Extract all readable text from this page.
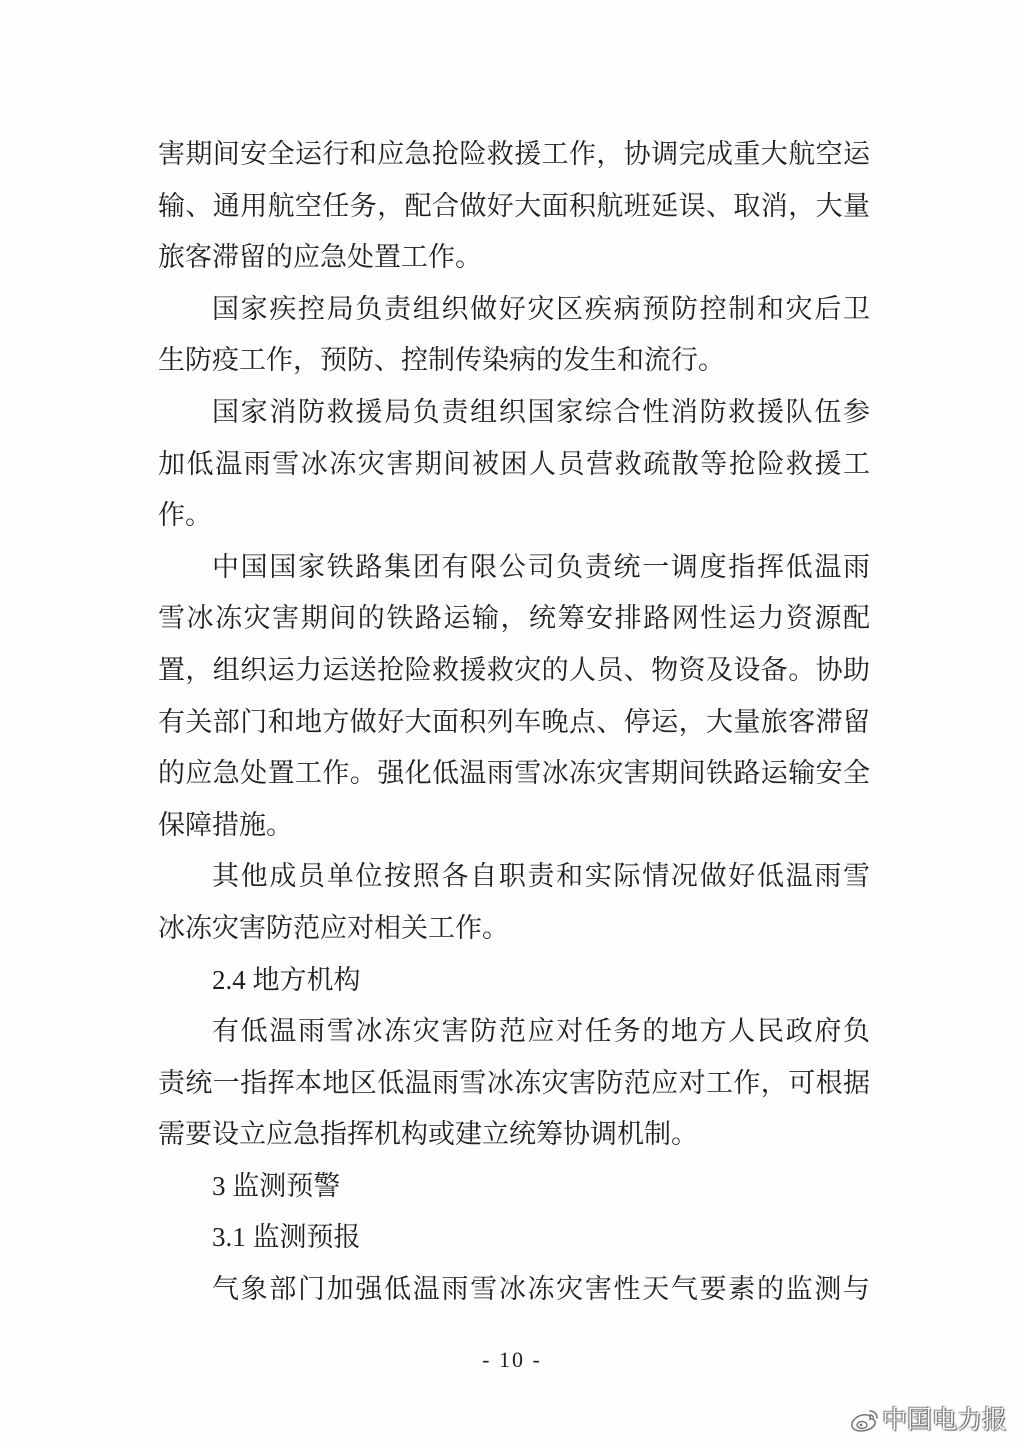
害期间安全运行和应急抢险救援工作，协调完成重大航空运
输、通用航空任务，配合做好大面积航班延误、取消，大量
旅客滞留的应急处置工作。
国家疾控局负责组织做好灾区疾病预防控制和灾后卫
生防疫工作，预防、控制传染病的发生和流行。
国家消防救援局负责组织国家综合性消防救援队伍参
加低温雨雪冰冻灾害期间被困人员营救疏散等抢险救援工
作。
中国国家铁路集团有限公司负责统一调度指挥低温雨
雪冰冻灾害期间的铁路运输，统筹安排路网性运力资源配
置，组织运力运送抢险救援救灾的人员、物资及设备。协助
有关部门和地方做好大面积列车晚点、停运，大量旅客滞留
的应急处置工作。强化低温雨雪冰冻灾害期间铁路运输安全
保障措施。
其他成员单位按照各自职责和实际情况做好低温雨雪
冰冻灾害防范应对相关工作。
2.4 地方机构
有低温雨雪冰冻灾害防范应对任务的地方人民政府负
责统一指挥本地区低温雨雪冰冻灾害防范应对工作，可根据
需要设立应急指挥机构或建立统筹协调机制。
3 监测预警
3.1 监测预报
气象部门加强低温雨雪冰冻灾害性天气要素的监测与
- 10 -
中国电力报
